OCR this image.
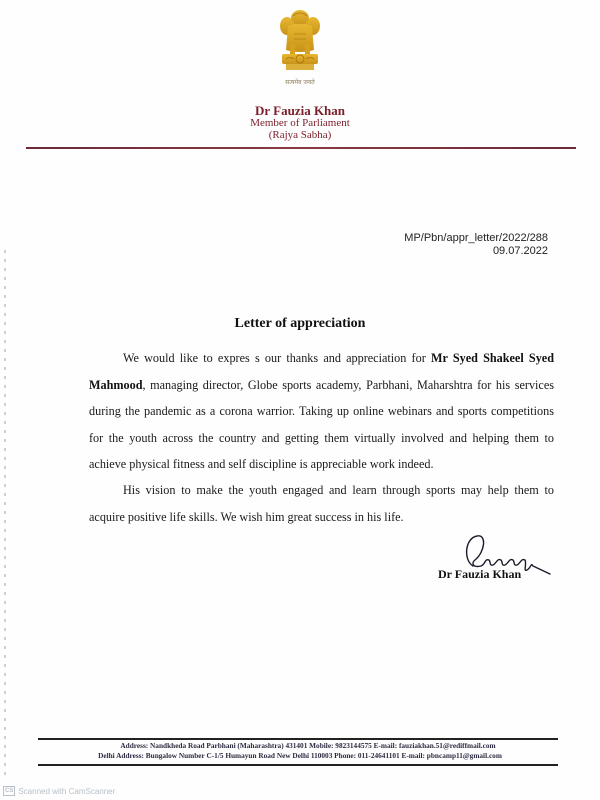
सत्यमेव जयते
Dr Fauzia Khan
Member of Parliament
(Rajya Sabha)
MP/Pbn/appr_letter/2022/288
09.07.2022
Letter of appreciation
We would like to expres s our thanks and appreciation for Mr Syed Shakeel Syed Mahmood, managing director, Globe sports academy, Parbhani, Maharshtra for his services during the pandemic as a corona warrior. Taking up online webinars and sports competitions for the youth across the country and getting them virtually involved and helping them to achieve physical fitness and self discipline is appreciable work indeed.
His vision to make the youth engaged and learn through sports may help them to acquire positive life skills. We wish him great success in his life.
Dr Fauzia Khan
Address: Nandkheda Road Parbhani (Maharashtra) 431401 Mobile: 9823144575 E-mail: fauziakhan.51@rediffmail.com
Delhi Address: Bungalow Number C-1/5 Humayun Road New Delhi 110003 Phone: 011-24641101 E-mail: pbncamp11@gmail.com
CS Scanned with CamScanner
